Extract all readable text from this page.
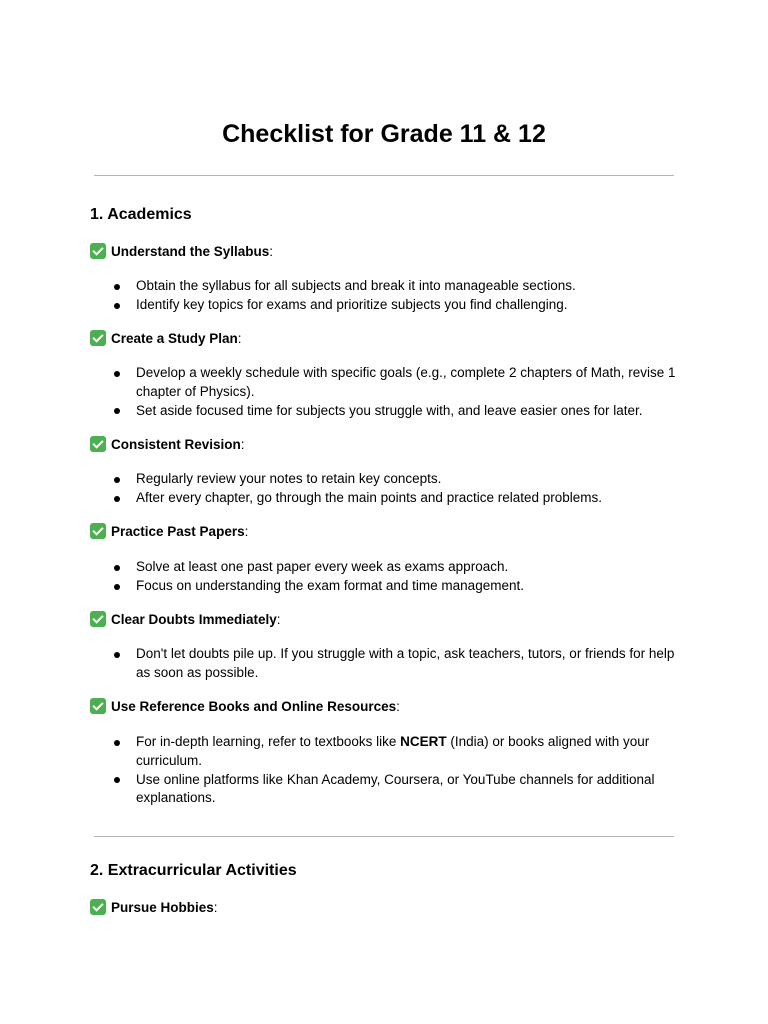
Checklist for Grade 11 & 12
1. Academics

Understand the Syllabus:

Obtain the syllabus for all subjects and break it into manageable sections.
Identify key topics for exams and prioritize subjects you find challenging.

Create a Study Plan:

Develop a weekly schedule with specific goals (e.g., complete 2 chapters of Math, revise 1 chapter of Physics).
Set aside focused time for subjects you struggle with, and leave easier ones for later.

Consistent Revision:

Regularly review your notes to retain key concepts.
After every chapter, go through the main points and practice related problems.

Practice Past Papers:

Solve at least one past paper every week as exams approach.
Focus on understanding the exam format and time management.

Clear Doubts Immediately:

Don't let doubts pile up. If you struggle with a topic, ask teachers, tutors, or friends for help as soon as possible.

Use Reference Books and Online Resources:

For in-depth learning, refer to textbooks like NCERT (India) or books aligned with your curriculum.
Use online platforms like Khan Academy, Coursera, or YouTube channels for additional explanations.
2. Extracurricular Activities

Pursue Hobbies:
